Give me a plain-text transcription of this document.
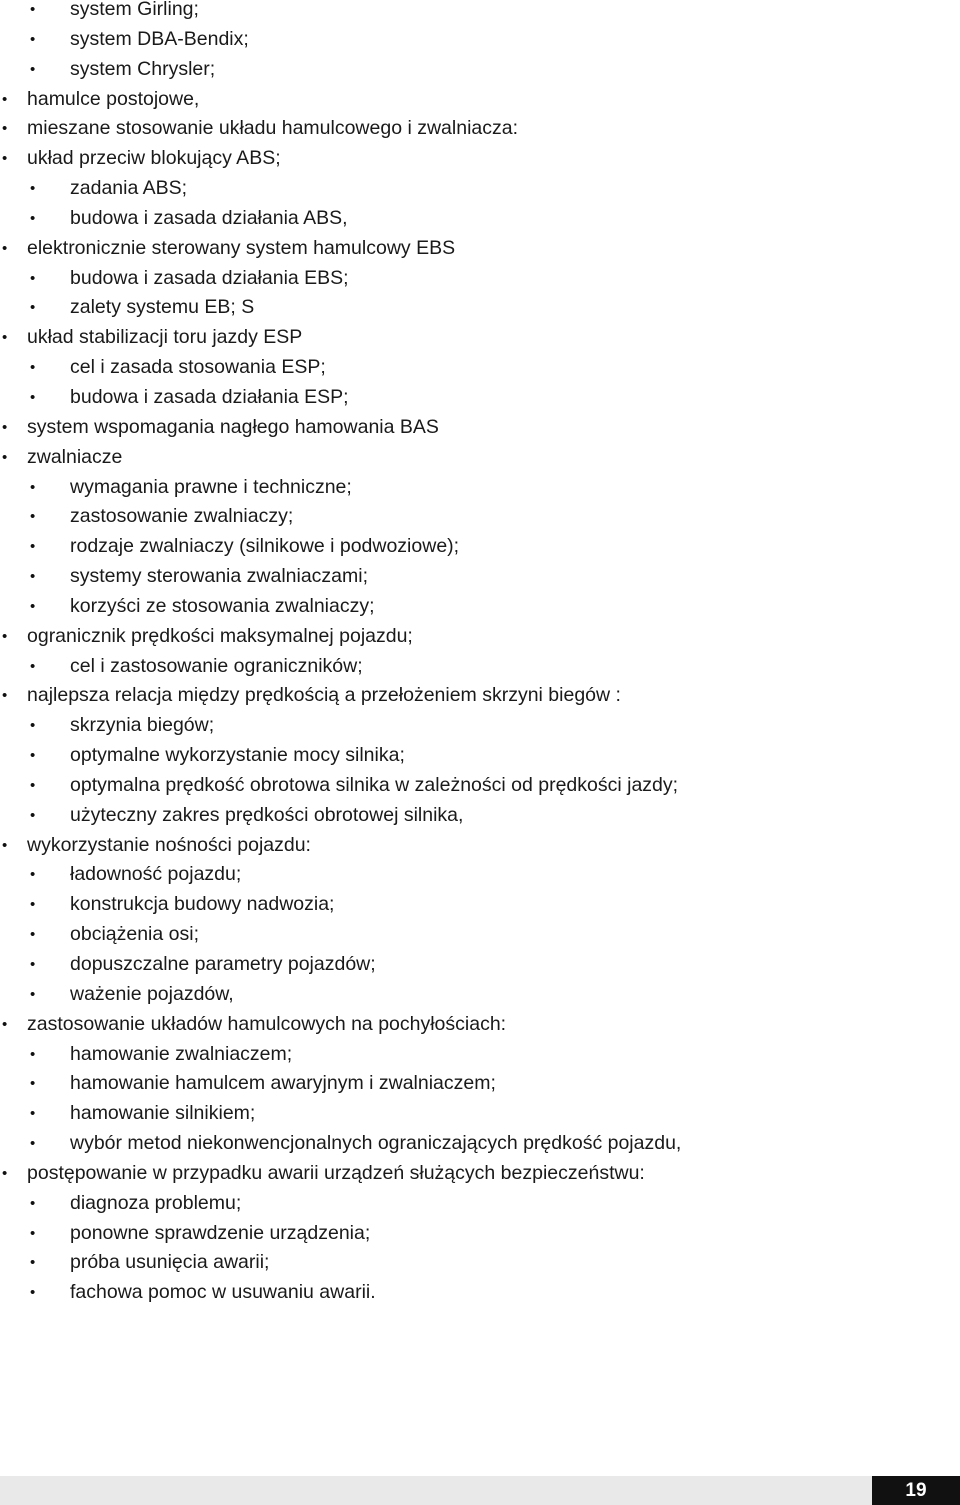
• system Girling;
• system DBA-Bendix;
• system Chrysler;
• hamulce postojowe,
• mieszane stosowanie układu hamulcowego i zwalniacza:
• układ przeciw blokujący ABS;
• zadania ABS;
• budowa i zasada działania ABS,
• elektronicznie sterowany system hamulcowy EBS
• budowa i zasada działania EBS;
• zalety systemu EB; S
• układ stabilizacji toru jazdy ESP
• cel i zasada stosowania ESP;
• budowa i zasada działania ESP;
• system wspomagania nagłego hamowania BAS
• zwalniacze
• wymagania prawne i techniczne;
• zastosowanie zwalniaczy;
• rodzaje zwalniaczy (silnikowe i podwoziowe);
• systemy sterowania zwalniaczami;
• korzyści ze stosowania zwalniaczy;
• ogranicznik prędkości maksymalnej pojazdu;
• cel i zastosowanie ograniczników;
• najlepsza relacja między prędkością a przełożeniem skrzyni biegów :
• skrzynia biegów;
• optymalne wykorzystanie mocy silnika;
• optymalna prędkość obrotowa silnika w zależności od prędkości jazdy;
• użyteczny zakres prędkości obrotowej silnika,
• wykorzystanie nośności pojazdu:
• ładowność pojazdu;
• konstrukcja budowy nadwozia;
• obciążenia osi;
• dopuszczalne parametry pojazdów;
• ważenie pojazdów,
• zastosowanie układów hamulcowych na pochyłościach:
• hamowanie zwalniaczem;
• hamowanie hamulcem awaryjnym i zwalniaczem;
• hamowanie silnikiem;
• wybór metod niekonwencjonalnych ograniczających prędkość pojazdu,
• postępowanie w przypadku awarii urządzeń służących bezpieczeństwu:
• diagnoza problemu;
• ponowne sprawdzenie urządzenia;
• próba usunięcia awarii;
• fachowa pomoc w usuwaniu awarii.
19
